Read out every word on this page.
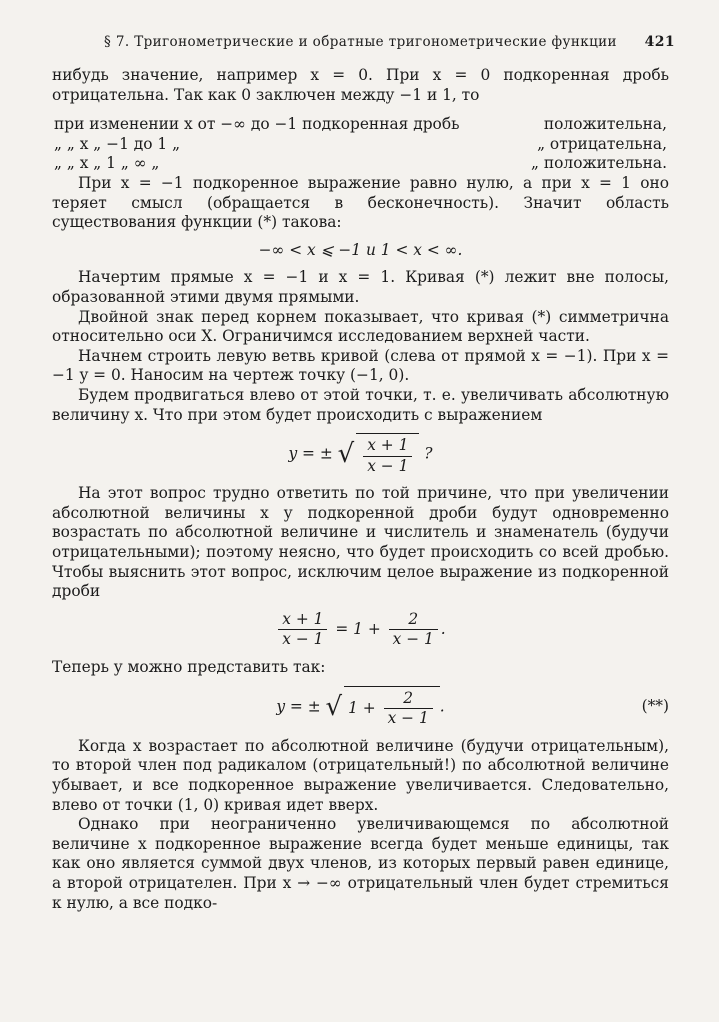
§ 7. Тригонометрические и обратные тригонометрические функции 421

нибудь значение, например x = 0. При x = 0 подкоренная дробь отрицательна. Так как 0 заключен между −1 и 1, то

при изменении x от −∞ до −1 подкоренная дробь	положительна,
„ „ x „ −1 до 1 „	„ отрицательна,
„ „ x „ 1 „ ∞ „	„ положительна.

При x = −1 подкоренное выражение равно нулю, а при x = 1 оно теряет смысл (обращается в бесконечность). Значит область существования функции (*) такова:

−∞ < x ⩽ −1 и 1 < x < ∞.

Начертим прямые x = −1 и x = 1. Кривая (*) лежит вне полосы, образованной этими двумя прямыми.

Двойной знак перед корнем показывает, что кривая (*) симметрична относительно оси X. Ограничимся исследованием верхней части.

Начнем строить левую ветвь кривой (слева от прямой x = −1). При x = −1 y = 0. Наносим на чертеж точку (−1, 0).

Будем продвигаться влево от этой точки, т. е. увеличивать абсолютную величину x. Что при этом будет происходить с выражением

y = ± √ $\frac{x + 1}{x - 1}$ ?

На этот вопрос трудно ответить по той причине, что при увеличении абсолютной величины x у подкоренной дроби будут одновременно возрастать по абсолютной величине и числитель и знаменатель (будучи отрицательными); поэтому неясно, что будет происходить со всей дробью. Чтобы выяснить этот вопрос, исключим целое выражение из подкоренной дроби

$\frac{x + 1}{x - 1} = 1 + \frac{2}{x - 1}$ .

Теперь y можно представить так:

y = ± √ $1 + \frac{2}{x - 1}$ .	(**)

Когда x возрастает по абсолютной величине (будучи отрицательным), то второй член под радикалом (отрицательный!) по абсолютной величине убывает, и все подкоренное выражение увеличивается. Следовательно, влево от точки (1, 0) кривая идет вверх.

Однако при неограниченно увеличивающемся по абсолютной величине x подкоренное выражение всегда будет меньше единицы, так как оно является суммой двух членов, из которых первый равен единице, а второй отрицателен. При x → −∞ отрицательный член будет стремиться к нулю, а все подко-
